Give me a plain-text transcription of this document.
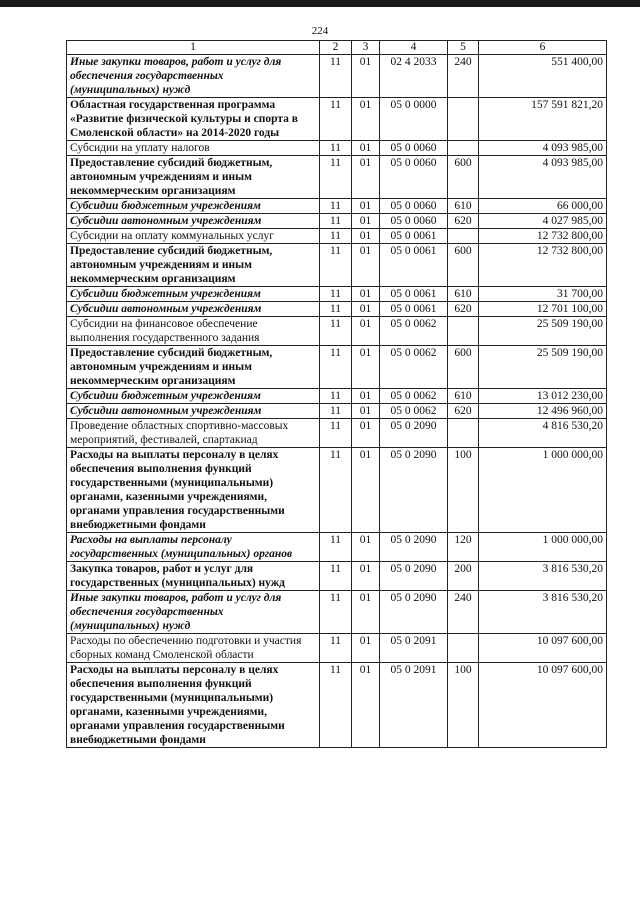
224
1	2	3	4	5	6
Иные закупки товаров, работ и услуг для обеспечения государственных (муниципальных) нужд	11	01	02 4 2033	240	551 400,00
Областная государственная программа «Развитие физической культуры и спорта в Смоленской области» на 2014-2020 годы	11	01	05 0 0000		157 591 821,20
Субсидии на уплату налогов	11	01	05 0 0060		4 093 985,00
Предоставление субсидий бюджетным, автономным учреждениям и иным некоммерческим организациям	11	01	05 0 0060	600	4 093 985,00
Субсидии бюджетным учреждениям	11	01	05 0 0060	610	66 000,00
Субсидии автономным учреждениям	11	01	05 0 0060	620	4 027 985,00
Субсидии на оплату коммунальных услуг	11	01	05 0 0061		12 732 800,00
Предоставление субсидий бюджетным, автономным учреждениям и иным некоммерческим организациям	11	01	05 0 0061	600	12 732 800,00
Субсидии бюджетным учреждениям	11	01	05 0 0061	610	31 700,00
Субсидии автономным учреждениям	11	01	05 0 0061	620	12 701 100,00
Субсидии на финансовое обеспечение выполнения государственного задания	11	01	05 0 0062		25 509 190,00
Предоставление субсидий бюджетным, автономным учреждениям и иным некоммерческим организациям	11	01	05 0 0062	600	25 509 190,00
Субсидии бюджетным учреждениям	11	01	05 0 0062	610	13 012 230,00
Субсидии автономным учреждениям	11	01	05 0 0062	620	12 496 960,00
Проведение областных спортивно-массовых мероприятий, фестивалей, спартакиад	11	01	05 0 2090		4 816 530,20
Расходы на выплаты персоналу в целях обеспечения выполнения функций государственными (муниципальными) органами, казенными учреждениями, органами управления государственными внебюджетными фондами	11	01	05 0 2090	100	1 000 000,00
Расходы на выплаты персоналу государственных (муниципальных) органов	11	01	05 0 2090	120	1 000 000,00
Закупка товаров, работ и услуг для государственных (муниципальных) нужд	11	01	05 0 2090	200	3 816 530,20
Иные закупки товаров, работ и услуг для обеспечения государственных (муниципальных) нужд	11	01	05 0 2090	240	3 816 530,20
Расходы по обеспечению подготовки и участия сборных команд Смоленской области	11	01	05 0 2091		10 097 600,00
Расходы на выплаты персоналу в целях обеспечения выполнения функций государственными (муниципальными) органами, казенными учреждениями, органами управления государственными внебюджетными фондами	11	01	05 0 2091	100	10 097 600,00
